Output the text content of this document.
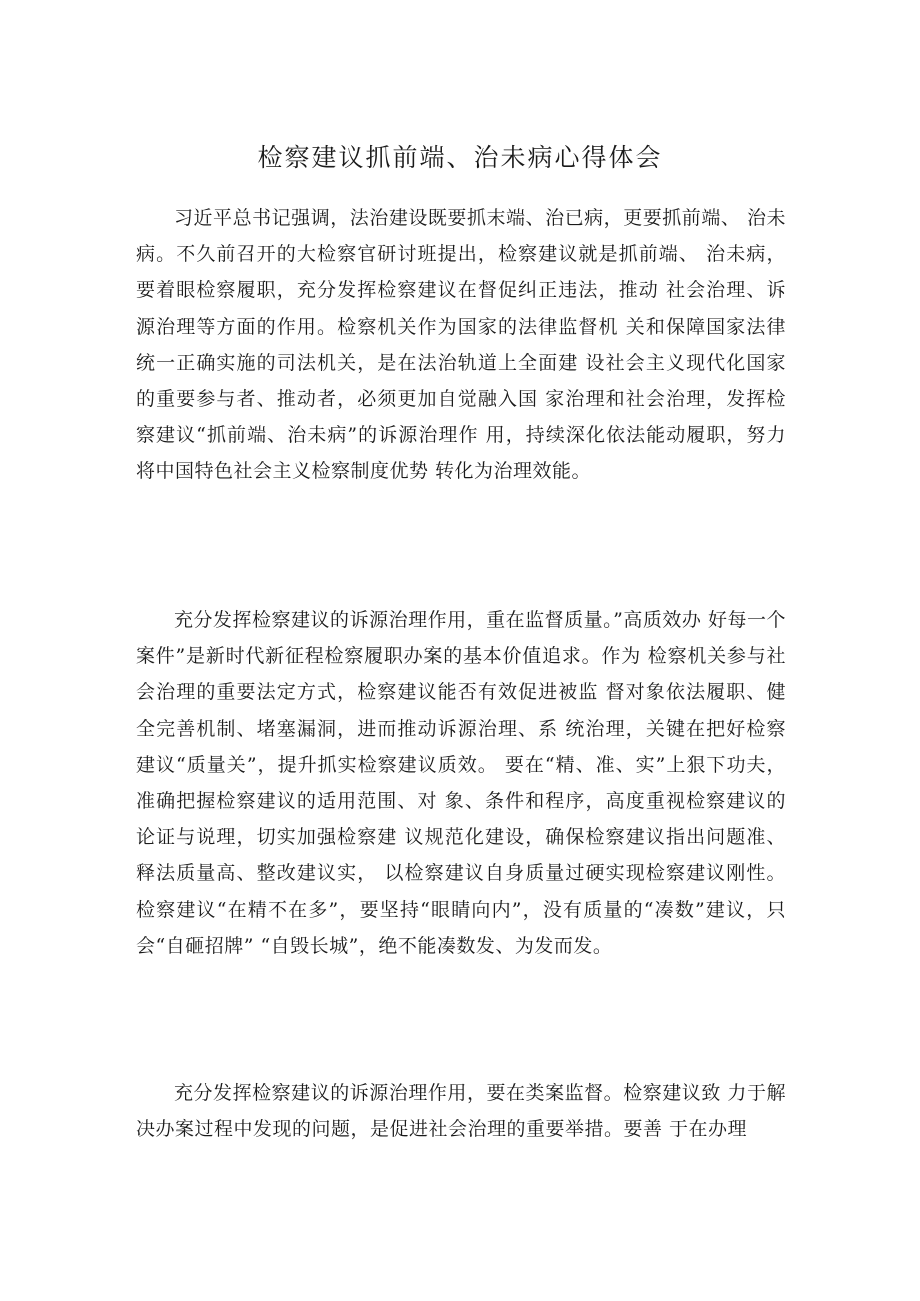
检察建议抓前端、治未病心得体会

习近平总书记强调，法治建设既要抓末端、治已病，更要抓前端、 治未病。不久前召开的大检察官研讨班提出，检察建议就是抓前端、 治未病，要着眼检察履职，充分发挥检察建议在督促纠正违法，推动 社会治理、诉源治理等方面的作用。检察机关作为国家的法律监督机 关和保障国家法律统一正确实施的司法机关，是在法治轨道上全面建 设社会主义现代化国家的重要参与者、推动者，必须更加自觉融入国 家治理和社会治理，发挥检察建议“抓前端、治未病”的诉源治理作 用，持续深化依法能动履职，努力将中国特色社会主义检察制度优势 转化为治理效能。

充分发挥检察建议的诉源治理作用，重在监督质量。”高质效办 好每一个案件”是新时代新征程检察履职办案的基本价值追求。作为 检察机关参与社会治理的重要法定方式，检察建议能否有效促进被监 督对象依法履职、健全完善机制、堵塞漏洞，进而推动诉源治理、系 统治理，关键在把好检察建议“质量关”，提升抓实检察建议质效。 要在“精、准、实”上狠下功夫，准确把握检察建议的适用范围、对 象、条件和程序，高度重视检察建议的论证与说理，切实加强检察建 议规范化建设，确保检察建议指出问题准、释法质量高、整改建议实， 以检察建议自身质量过硬实现检察建议刚性。检察建议“在精不在多”，要坚持“眼睛向内”，没有质量的“凑数”建议，只会“自砸招牌” “自毁长城”，绝不能凑数发、为发而发。

充分发挥检察建议的诉源治理作用，要在类案监督。检察建议致 力于解决办案过程中发现的问题，是促进社会治理的重要举措。要善 于在办理
